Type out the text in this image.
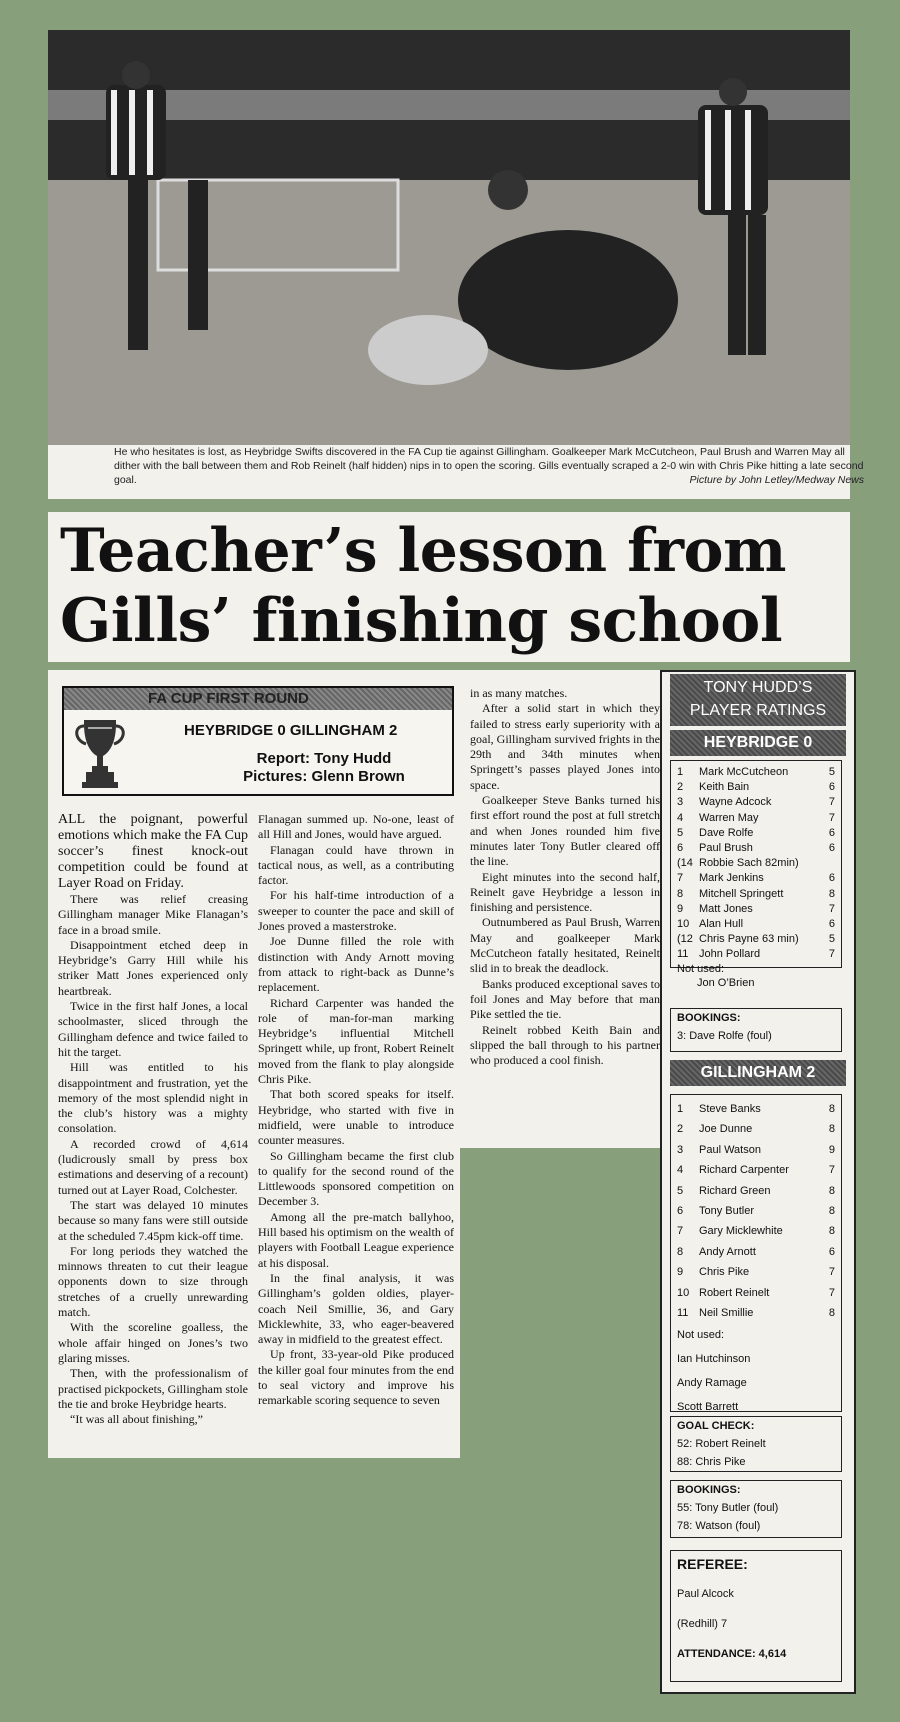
He who hesitates is lost, as Heybridge Swifts discovered in the FA Cup tie against Gillingham. Goalkeeper Mark McCutcheon, Paul Brush and Warren May all dither with the ball between them and Rob Reinelt (half hidden) nips in to open the scoring. Gills eventually scraped a 2-0 win with Chris Pike hitting a late second goal.	Picture by John Letley/Medway News
Teacher’s lesson from
Gills’ finishing school
FA CUP FIRST ROUND
HEYBRIDGE 0 GILLINGHAM 2
Report: Tony Hudd
Pictures: Glenn Brown

ALL the poignant, powerful emotions which make the FA Cup soccer’s finest knock-out competition could be found at Layer Road on Friday.

There was relief creasing Gillingham manager Mike Flanagan’s face in a broad smile.

Disappointment etched deep in Heybridge’s Garry Hill while his striker Matt Jones experienced only heartbreak.

Twice in the first half Jones, a local schoolmaster, sliced through the Gillingham defence and twice failed to hit the target.

Hill was entitled to his disappointment and frustration, yet the memory of the most splendid night in the club’s history was a mighty consolation.

A recorded crowd of 4,614 (ludicrously small by press box estimations and deserving of a recount) turned out at Layer Road, Colchester.

The start was delayed 10 minutes because so many fans were still outside at the scheduled 7.45pm kick-off time.

For long periods they watched the minnows threaten to cut their league opponents down to size through stretches of a cruelly unrewarding match.

With the scoreline goalless, the whole affair hinged on Jones’s two glaring misses.

Then, with the professionalism of practised pickpockets, Gillingham stole the tie and broke Heybridge hearts.

“It was all about finishing,”

Flanagan summed up. No-one, least of all Hill and Jones, would have argued.

Flanagan could have thrown in tactical nous, as well, as a contributing factor.

For his half-time introduction of a sweeper to counter the pace and skill of Jones proved a masterstroke.

Joe Dunne filled the role with distinction with Andy Arnott moving from attack to right-back as Dunne’s replacement.

Richard Carpenter was handed the role of man-for-man marking Heybridge’s influential Mitchell Springett while, up front, Robert Reinelt moved from the flank to play alongside Chris Pike.

That both scored speaks for itself. Heybridge, who started with five in midfield, were unable to introduce counter measures.

So Gillingham became the first club to qualify for the second round of the Littlewoods sponsored competition on December 3.

Among all the pre-match ballyhoo, Hill based his optimism on the wealth of players with Football League experience at his disposal.

In the final analysis, it was Gillingham’s golden oldies, player-coach Neil Smillie, 36, and Gary Micklewhite, 33, who eager-beavered away in midfield to the greatest effect.

Up front, 33-year-old Pike produced the killer goal four minutes from the end to seal victory and improve his remarkable scoring sequence to seven

in as many matches.

After a solid start in which they failed to stress early superiority with a goal, Gillingham survived frights in the 29th and 34th minutes when Springett’s passes played Jones into space.

Goalkeeper Steve Banks turned his first effort round the post at full stretch and when Jones rounded him five minutes later Tony Butler cleared off the line.

Eight minutes into the second half, Reinelt gave Heybridge a lesson in finishing and persistence.

Outnumbered as Paul Brush, Warren May and goalkeeper Mark McCutcheon fatally hesitated, Reinelt slid in to break the deadlock.

Banks produced exceptional saves to foil Jones and May before that man Pike settled the tie.

Reinelt robbed Keith Bain and slipped the ball through to his partner who produced a cool finish.

TONY HUDD’S
PLAYER RATINGS
HEYBRIDGE 0
1	Mark McCutcheon	5
2	Keith Bain	6
3	Wayne Adcock	7
4	Warren May	7
5	Dave Rolfe	6
6	Paul Brush	6
(14 Robbie Sach 82min)
7	Mark Jenkins	6
8	Mitchell Springett	8
9	Matt Jones	7
10 Alan Hull	6
(12 Chris Payne 63 min)	5
11 John Pollard	7
Not used:
Jon O’Brien
BOOKINGS:
3: Dave Rolfe (foul)
GILLINGHAM 2
1	Steve Banks	8
2	Joe Dunne	8
3	Paul Watson	9
4	Richard Carpenter	7
5	Richard Green	8
6	Tony Butler	8
7	Gary Micklewhite	8
8	Andy Arnott	6
9	Chris Pike	7
10 Robert Reinelt	7
11 Neil Smillie	8
Not used:
Ian Hutchinson
Andy Ramage
Scott Barrett
GOAL CHECK:
52: Robert Reinelt
88: Chris Pike
BOOKINGS:
55: Tony Butler (foul)
78: Watson (foul)
REFEREE:
Paul Alcock
(Redhill) 7
ATTENDANCE: 4,614
